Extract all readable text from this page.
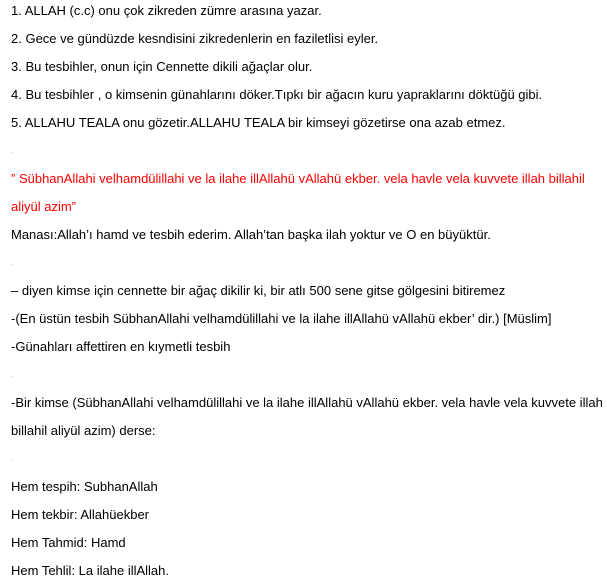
1. ALLAH (c.c) onu çok zikreden zümre arasına yazar.
2. Gece ve gündüzde kesndisini zikredenlerin en faziletlisi eyler.
3. Bu tesbihler, onun için Cennette dikili ağaçlar olur.
4. Bu tesbihler , o kimsenin günahlarını döker.Tıpkı bir ağacın kuru yapraklarını döktüğü gibi.
5. ALLAHU TEALA onu gözetir.ALLAHU TEALA bir kimseyi gözetirse ona azab etmez.
” SübhanAllahi velhamdülillahi ve la ilahe illAllahü vAllahü ekber. vela havle vela kuvvete illah billahil
aliyül azim”
Manası:Allah’ı hamd ve tesbih ederim. Allah’tan başka ilah yoktur ve O en büyüktür.
– diyen kimse için cennette bir ağaç dikilir ki, bir atlı 500 sene gitse gölgesini bitiremez
-(En üstün tesbih SübhanAllahi velhamdülillahi ve la ilahe illAllahü vAllahü ekber’ dir.) [Müslim]
-Günahları affettiren en kıymetli tesbih
-Bir kimse (SübhanAllahi velhamdülillahi ve la ilahe illAllahü vAllahü ekber. vela havle vela kuvvete illah
billahil aliyül azim) derse:
Hem tespih: SubhanAllah
Hem tekbir: Allahüekber
Hem Tahmid: Hamd
Hem Tehlil: La ilahe illAllah.
